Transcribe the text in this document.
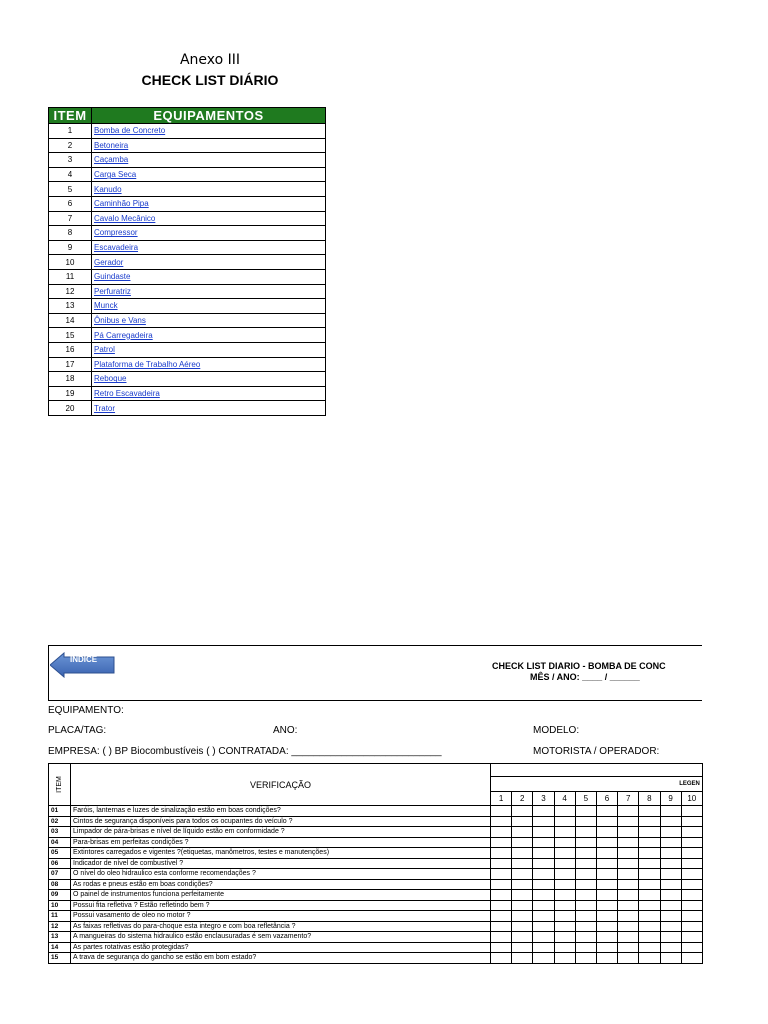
Anexo III
CHECK LIST DIÁRIO
ITEM	EQUIPAMENTOS
1	Bomba de Concreto
2	Betoneira
3	Caçamba
4	Carga Seca
5	Kanudo
6	Caminhão Pipa
7	Cavalo Mecânico
8	Compressor
9	Escavadeira
10	Gerador
11	Guindaste
12	Perfuratriz
13	Munck
14	Ônibus e Vans
15	Pá Carregadeira
16	Patrol
17	Plataforma de Trabalho Aéreo
18	Reboque
19	Retro Escavadeira
20	Trator
INDICE
CHECK LIST DIARIO - BOMBA DE CONC
MÊS / ANO: ____ / ______
EQUIPAMENTO:
PLACA/TAG:	ANO:	MODELO:
EMPRESA: ( ) BP Biocombustíveis ( ) CONTRATADA: ___________________________	MOTORISTA / OPERADOR:
ITEM	VERIFICAÇÃO										
		LEGEN									
		1	2	3	4	5	6	7	8	9	10
01	Faróis, lanternas e luzes de sinalização estão em boas condições?										
02	Cintos de segurança disponíveis para todos os ocupantes do veículo ?										
03	Limpador de pára-brisas e nível de líquido estão em conformidade ?										
04	Para-brisas em perfeitas condições ?										
05	Extintores carregados e vigentes ?(etiquetas, manômetros, testes e manutenções)										
06	Indicador de nível de combustível ?										
07	O nível do oleo hidraulico esta conforme recomendações ?										
08	As rodas e pneus estão em boas condições?										
09	O painel de instrumentos funciona perfeitamente										
10	Possui fita refletiva ? Estão refletindo bem ?										
11	Possui vasamento de oleo no motor ?										
12	As faixas refletivas do para-choque esta integro e com boa refletância ?										
13	A mangueiras do sistema hidraulico estão enclausuradas é sem vazamento?										
14	As partes rotativas estão protegidas?										
15	A trava de segurança do gancho se estão em bom estado?										
